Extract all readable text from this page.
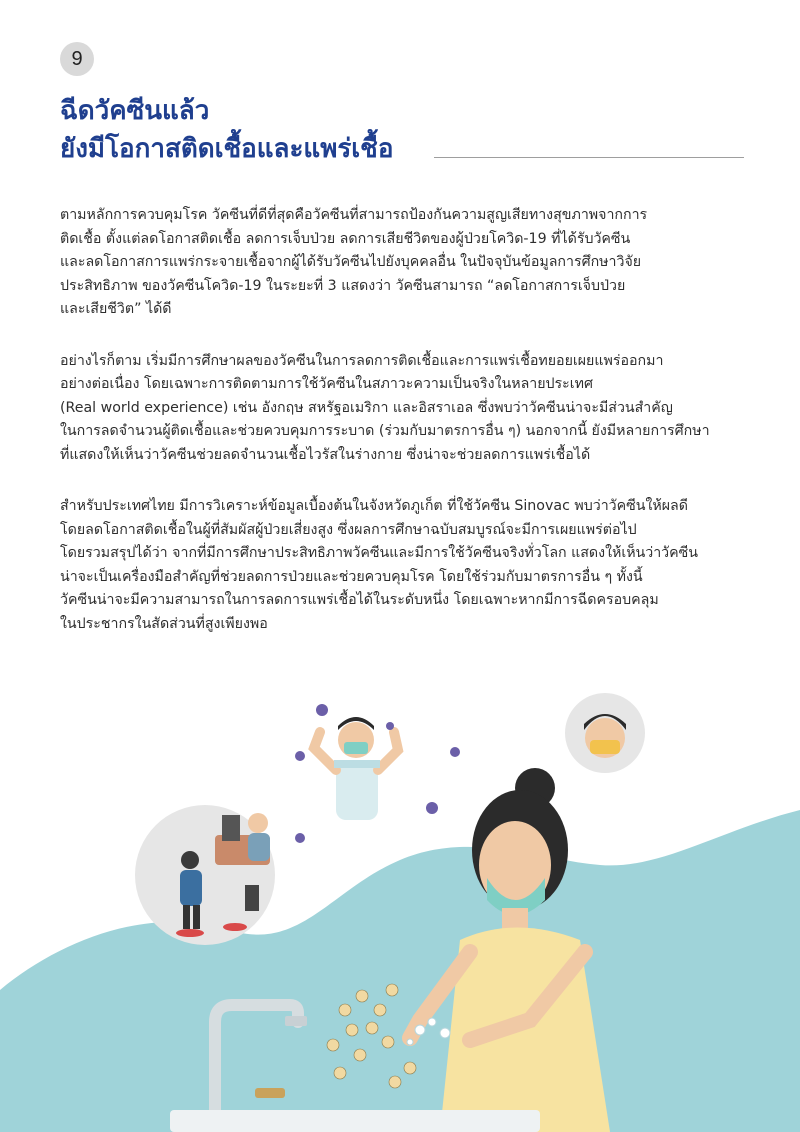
9
ฉีดวัคซีนแล้ว
ยังมีโอกาสติดเชื้อและแพร่เชื้อ

ตามหลักการควบคุมโรค วัคซีนที่ดีที่สุดคือวัคซีนที่สามารถป้องกันความสูญเสียทางสุขภาพจากการ
ติดเชื้อ ตั้งแต่ลดโอกาสติดเชื้อ ลดการเจ็บป่วย ลดการเสียชีวิตของผู้ป่วยโควิด-19 ที่ได้รับวัคซีน
และลดโอกาสการแพร่กระจายเชื้อจากผู้ได้รับวัคซีนไปยังบุคคลอื่น ในปัจจุบันข้อมูลการศึกษาวิจัย
ประสิทธิภาพ ของวัคซีนโควิด-19 ในระยะที่ 3 แสดงว่า วัคซีนสามารถ “ลดโอกาสการเจ็บป่วย
และเสียชีวิต” ได้ดี

อย่างไรก็ตาม เริ่มมีการศึกษาผลของวัคซีนในการลดการติดเชื้อและการแพร่เชื้อทยอยเผยแพร่ออกมา
อย่างต่อเนื่อง โดยเฉพาะการติดตามการใช้วัคซีนในสภาวะความเป็นจริงในหลายประเทศ
(Real world experience) เช่น อังกฤษ สหรัฐอเมริกา และอิสราเอล ซึ่งพบว่าวัคซีนน่าจะมีส่วนสำคัญ
ในการลดจำนวนผู้ติดเชื้อและช่วยควบคุมการระบาด (ร่วมกับมาตรการอื่น ๆ) นอกจากนี้ ยังมีหลายการศึกษา
ที่แสดงให้เห็นว่าวัคซีนช่วยลดจำนวนเชื้อไวรัสในร่างกาย ซึ่งน่าจะช่วยลดการแพร่เชื้อได้

สำหรับประเทศไทย มีการวิเคราะห์ข้อมูลเบื้องต้นในจังหวัดภูเก็ต ที่ใช้วัคซีน Sinovac พบว่าวัคซีนให้ผลดี
โดยลดโอกาสติดเชื้อในผู้ที่สัมผัสผู้ป่วยเสี่ยงสูง ซึ่งผลการศึกษาฉบับสมบูรณ์จะมีการเผยแพร่ต่อไป
โดยรวมสรุปได้ว่า จากที่มีการศึกษาประสิทธิภาพวัคซีนและมีการใช้วัคซีนจริงทั่วโลก แสดงให้เห็นว่าวัคซีน
น่าจะเป็นเครื่องมือสำคัญที่ช่วยลดการป่วยและช่วยควบคุมโรค โดยใช้ร่วมกับมาตรการอื่น ๆ ทั้งนี้
วัคซีนน่าจะมีความสามารถในการลดการแพร่เชื้อได้ในระดับหนึ่ง โดยเฉพาะหากมีการฉีดครอบคลุม
ในประชากรในสัดส่วนที่สูงเพียงพอ
